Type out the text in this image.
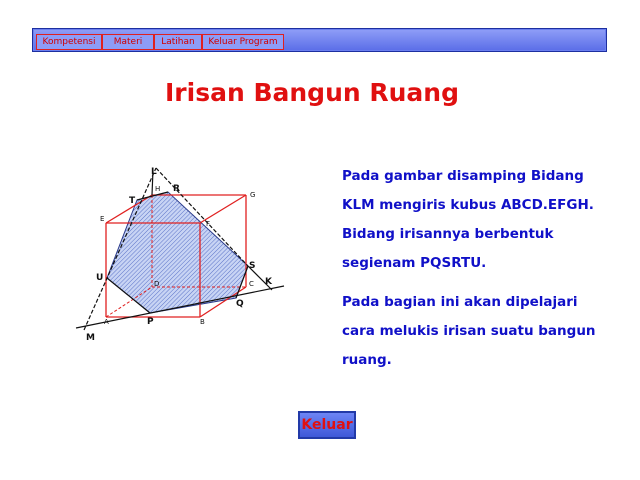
Kompetensi	Materi	Latihan	Keluar Program
Irisan Bangun Ruang
L
H R
G
T
E
F
U
D
S
C K
Q
A	P	B
M
Pada gambar disamping Bidang
KLM mengiris kubus ABCD.EFGH.
Bidang irisannya berbentuk
segienam PQSRTU.
Pada bagian ini akan dipelajari
cara melukis irisan suatu bangun
ruang.
Keluar
